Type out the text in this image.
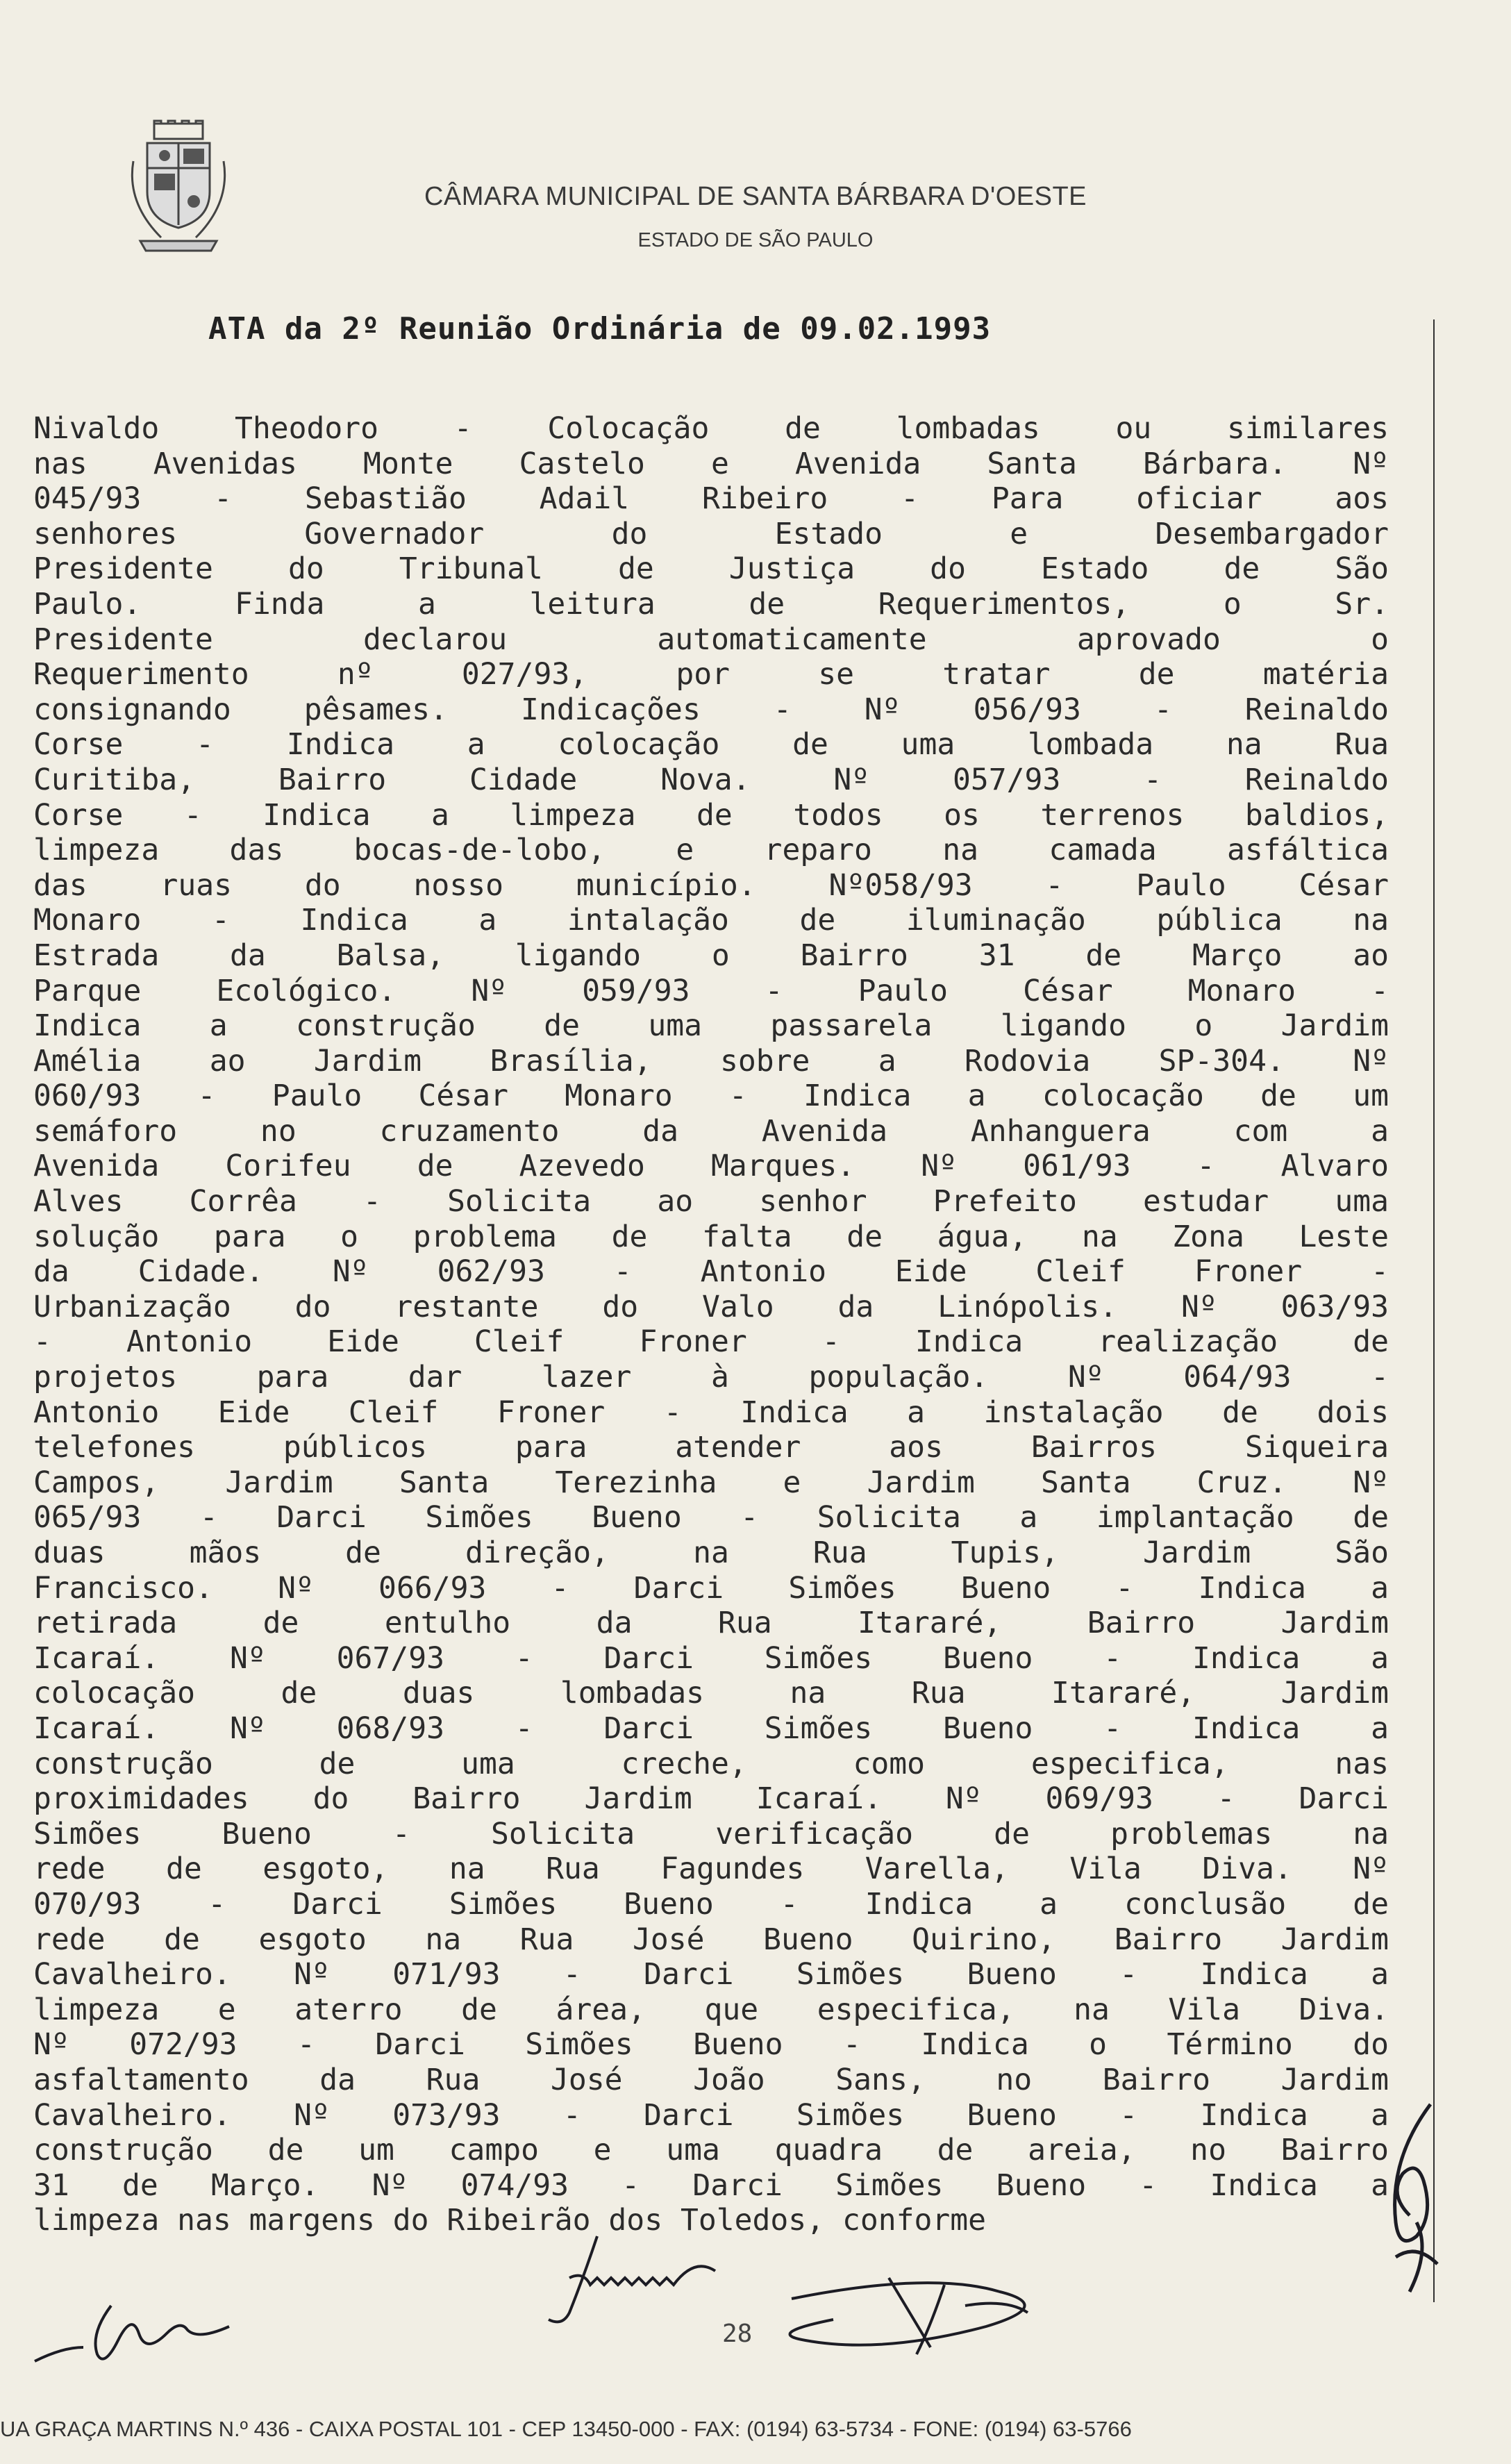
CÂMARA MUNICIPAL DE SANTA BÁRBARA D'OESTE
ESTADO DE SÃO PAULO
ATA da 2º Reunião Ordinária de 09.02.1993
Nivaldo Theodoro - Colocação de lombadas ou similares
nas Avenidas Monte Castelo e Avenida Santa Bárbara. Nº
045/93 - Sebastião Adail Ribeiro - Para oficiar aos
senhores Governador do Estado e Desembargador
Presidente do Tribunal de Justiça do Estado de São
Paulo. Finda a leitura de Requerimentos, o Sr.
Presidente declarou automaticamente aprovado o
Requerimento nº 027/93, por se tratar de matéria
consignando pêsames. Indicações - Nº 056/93 - Reinaldo
Corse - Indica a colocação de uma lombada na Rua
Curitiba, Bairro Cidade Nova. Nº 057/93 - Reinaldo
Corse - Indica a limpeza de todos os terrenos baldios,
limpeza das bocas-de-lobo, e reparo na camada asfáltica
das ruas do nosso município. Nº058/93 - Paulo César
Monaro - Indica a intalação de iluminação pública na
Estrada da Balsa, ligando o Bairro 31 de Março ao
Parque Ecológico. Nº 059/93 - Paulo César Monaro -
Indica a construção de uma passarela ligando o Jardim
Amélia ao Jardim Brasília, sobre a Rodovia SP-304. Nº
060/93 - Paulo César Monaro - Indica a colocação de um
semáforo no cruzamento da Avenida Anhanguera com a
Avenida Corifeu de Azevedo Marques. Nº 061/93 - Alvaro
Alves Corrêa - Solicita ao senhor Prefeito estudar uma
solução para o problema de falta de água, na Zona Leste
da Cidade. Nº 062/93 - Antonio Eide Cleif Froner -
Urbanização do restante do Valo da Linópolis. Nº 063/93
- Antonio Eide Cleif Froner - Indica realização de
projetos para dar lazer à população. Nº 064/93 -
Antonio Eide Cleif Froner - Indica a instalação de dois
telefones públicos para atender aos Bairros Siqueira
Campos, Jardim Santa Terezinha e Jardim Santa Cruz. Nº
065/93 - Darci Simões Bueno - Solicita a implantação de
duas mãos de direção, na Rua Tupis, Jardim São
Francisco. Nº 066/93 - Darci Simões Bueno - Indica a
retirada de entulho da Rua Itararé, Bairro Jardim
Icaraí. Nº 067/93 - Darci Simões Bueno - Indica a
colocação de duas lombadas na Rua Itararé, Jardim
Icaraí. Nº 068/93 - Darci Simões Bueno - Indica a
construção de uma creche, como especifica, nas
proximidades do Bairro Jardim Icaraí. Nº 069/93 - Darci
Simões Bueno - Solicita verificação de problemas na
rede de esgoto, na Rua Fagundes Varella, Vila Diva. Nº
070/93 - Darci Simões Bueno - Indica a conclusão de
rede de esgoto na Rua José Bueno Quirino, Bairro Jardim
Cavalheiro. Nº 071/93 - Darci Simões Bueno - Indica a
limpeza e aterro de área, que especifica, na Vila Diva.
Nº 072/93 - Darci Simões Bueno - Indica o Término do
asfaltamento da Rua José João Sans, no Bairro Jardim
Cavalheiro. Nº 073/93 - Darci Simões Bueno - Indica a
construção de um campo e uma quadra de areia, no Bairro
31 de Março. Nº 074/93 - Darci Simões Bueno - Indica a
limpeza nas margens do Ribeirão dos Toledos, conforme
28
UA GRAÇA MARTINS N.º 436 - CAIXA POSTAL 101 - CEP 13450-000 - FAX: (0194) 63-5734 - FONE: (0194) 63-5766
